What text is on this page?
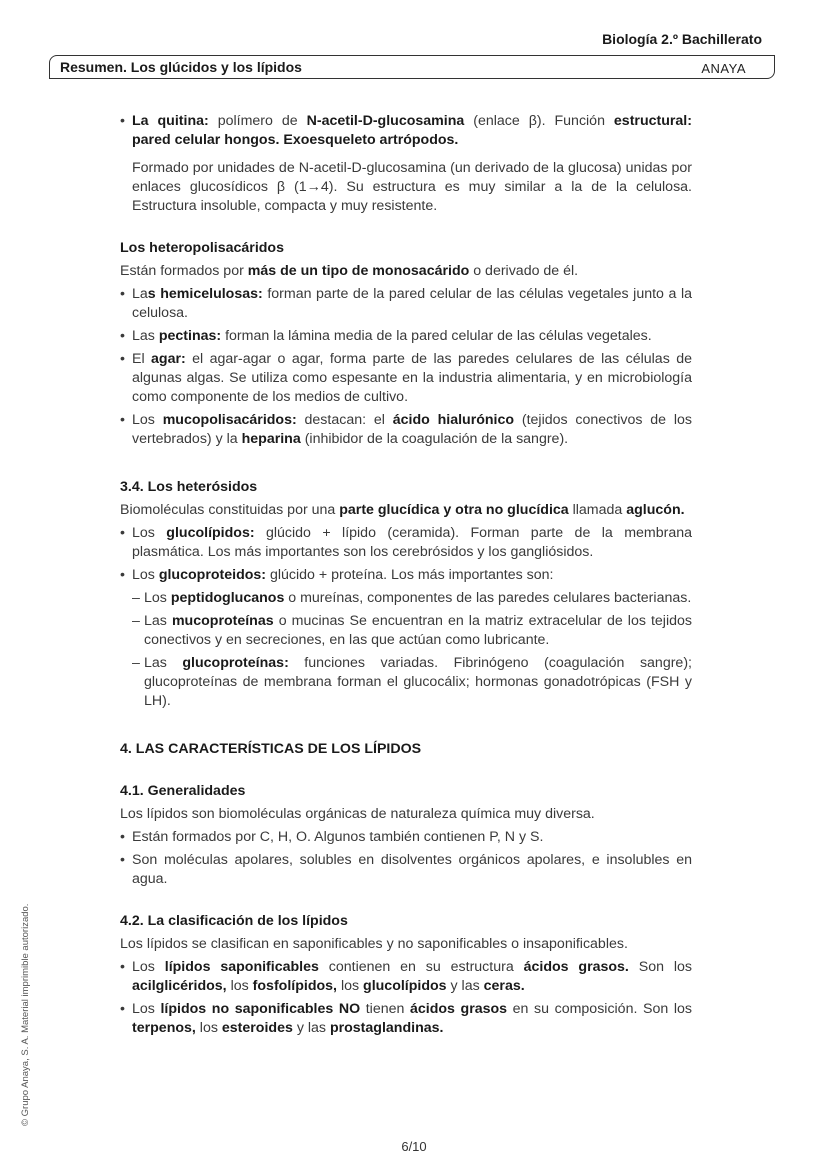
Biología 2.º Bachillerato
Resumen. Los glúcidos y los lípidos	ANAYA

• La quitina: polímero de N-acetil-D-glucosamina (enlace β). Función estructural: pared celular hongos. Exoesqueleto artrópodos.

Formado por unidades de N-acetil-D-glucosamina (un derivado de la glucosa) unidas por enlaces glucosídicos β (1→4). Su estructura es muy similar a la de la celulosa. Estructura insoluble, compacta y muy resistente.

Los heteropolisacáridos

Están formados por más de un tipo de monosacárido o derivado de él.

• Las hemicelulosas: forman parte de la pared celular de las células vegetales junto a la celulosa.

• Las pectinas: forman la lámina media de la pared celular de las células vegetales.

• El agar: el agar-agar o agar, forma parte de las paredes celulares de las células de algunas algas. Se utiliza como espesante en la industria alimentaria, y en microbiología como componente de los medios de cultivo.

• Los mucopolisacáridos: destacan: el ácido hialurónico (tejidos conectivos de los vertebrados) y la heparina (inhibidor de la coagulación de la sangre).

3.4. Los heterósidos

Biomoléculas constituidas por una parte glucídica y otra no glucídica llamada aglucón.

• Los glucolípidos: glúcido + lípido (ceramida). Forman parte de la membrana plasmática. Los más importantes son los cerebrósidos y los gangliósidos.

• Los glucoproteidos: glúcido + proteína. Los más importantes son:

– Los peptidoglucanos o mureínas, componentes de las paredes celulares bacterianas.

– Las mucoproteínas o mucinas Se encuentran en la matriz extracelular de los tejidos conectivos y en secreciones, en las que actúan como lubricante.

– Las glucoproteínas: funciones variadas. Fibrinógeno (coagulación sangre); glucoproteínas de membrana forman el glucocálix; hormonas gonadotrópicas (FSH y LH).

4. LAS CARACTERÍSTICAS DE LOS LÍPIDOS
4.1. Generalidades

Los lípidos son biomoléculas orgánicas de naturaleza química muy diversa.

• Están formados por C, H, O. Algunos también contienen P, N y S.

• Son moléculas apolares, solubles en disolventes orgánicos apolares, e insolubles en agua.

4.2. La clasificación de los lípidos

Los lípidos se clasifican en saponificables y no saponificables o insaponificables.

• Los lípidos saponificables contienen en su estructura ácidos grasos. Son los acilglicéridos, los fosfolípidos, los glucolípidos y las ceras.

• Los lípidos no saponificables NO tienen ácidos grasos en su composición. Son los terpenos, los esteroides y las prostaglandinas.

© Grupo Anaya, S. A. Material imprimible autorizado.
6/10
